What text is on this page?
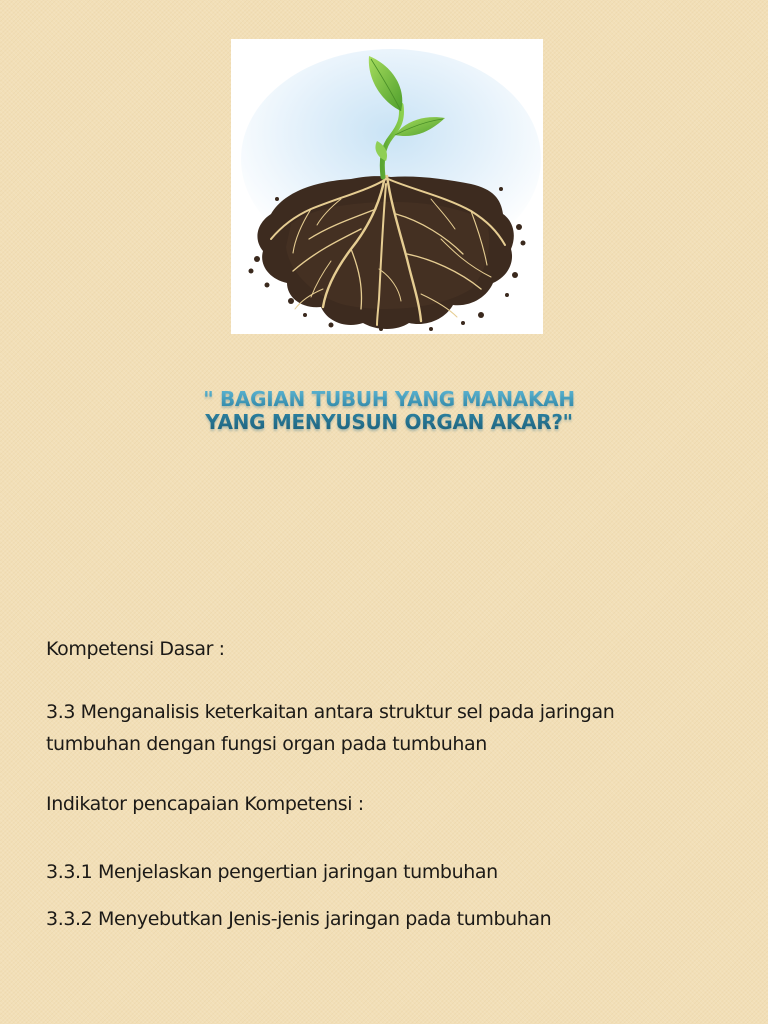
" BAGIAN TUBUH YANG MANAKAH
YANG MENYUSUN ORGAN AKAR?"
Kompetensi Dasar :
3.3 Menganalisis keterkaitan antara struktur sel pada jaringan
tumbuhan dengan fungsi organ pada tumbuhan
Indikator pencapaian Kompetensi :
3.3.1 Menjelaskan pengertian jaringan tumbuhan
3.3.2 Menyebutkan Jenis-jenis jaringan pada tumbuhan
